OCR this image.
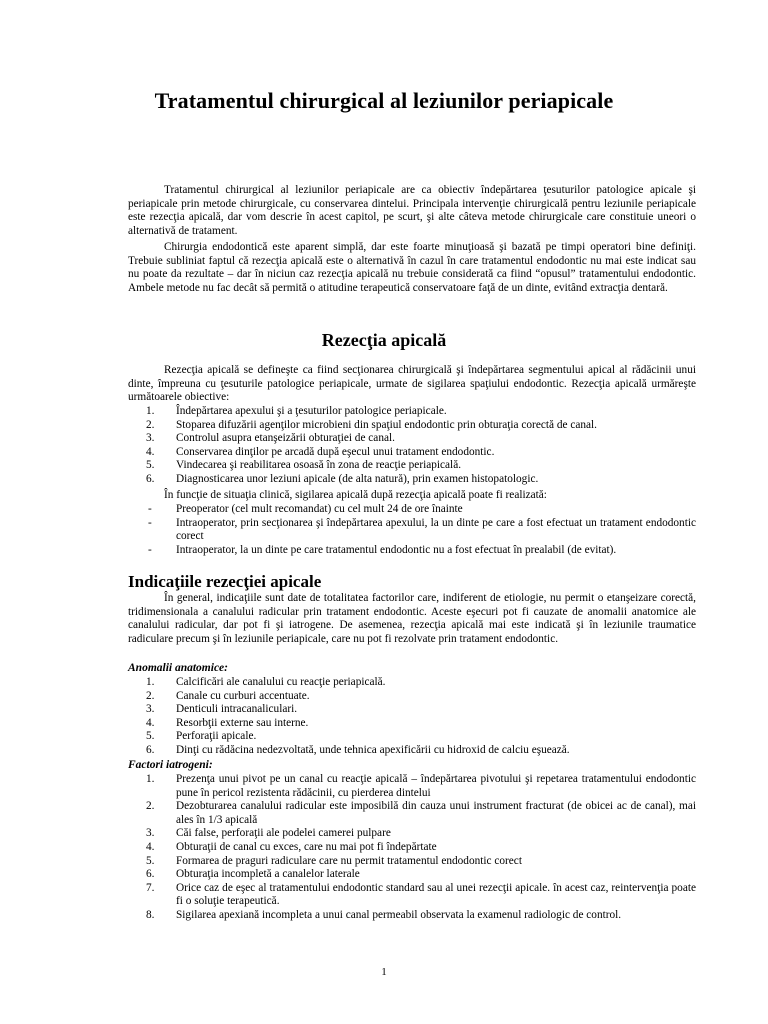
Tratamentul chirurgical al leziunilor periapicale

Tratamentul chirurgical al leziunilor periapicale are ca obiectiv îndepărtarea ţesuturilor patologice apicale şi periapicale prin metode chirurgicale, cu conservarea dintelui. Principala intervenţie chirurgicală pentru leziunile periapicale este rezecţia apicală, dar vom descrie în acest capitol, pe scurt, şi alte câteva metode chirurgicale care constituie uneori o alternativă de tratament.

Chirurgia endodontică este aparent simplă, dar este foarte minuţioasă şi bazată pe timpi operatori bine definiţi. Trebuie subliniat faptul că rezecţia apicală este o alternativă în cazul în care tratamentul endodontic nu mai este indicat sau nu poate da rezultate – dar în niciun caz rezecţia apicală nu trebuie considerată ca fiind “opusul” tratamentului endodontic. Ambele metode nu fac decât să permită o atitudine terapeutică conservatoare faţă de un dinte, evitând extracţia dentară.

Rezecţia apicală

Rezecţia apicală se defineşte ca fiind secţionarea chirurgicală şi îndepărtarea segmentului apical al rădăcinii unui dinte, împreuna cu ţesuturile patologice periapicale, urmate de sigilarea spaţiului endodontic. Rezecţia apicală urmăreşte următoarele obiective:

1. Îndepărtarea apexului şi a ţesuturilor patologice periapicale.
2. Stoparea difuzării agenţilor microbieni din spaţiul endodontic prin obturaţia corectă de canal.
3. Controlul asupra etanşeizării obturaţiei de canal.
4. Conservarea dinţilor pe arcadă după eşecul unui tratament endodontic.
5. Vindecarea şi reabilitarea osoasă în zona de reacţie periapicală.
6. Diagnosticarea unor leziuni apicale (de alta natură), prin examen histopatologic.
În funcţie de situaţia clinică, sigilarea apicală după rezecţia apicală poate fi realizată:
- Preoperator (cel mult recomandat) cu cel mult 24 de ore înainte
- Intraoperator, prin secţionarea şi îndepărtarea apexului, la un dinte pe care a fost efectuat un tratament endodontic corect
- Intraoperator, la un dinte pe care tratamentul endodontic nu a fost efectuat în prealabil (de evitat).
Indicaţiile rezecţiei apicale

În general, indicaţiile sunt date de totalitatea factorilor care, indiferent de etiologie, nu permit o etanşeizare corectă, tridimensionala a canalului radicular prin tratament endodontic. Aceste eşecuri pot fi cauzate de anomalii anatomice ale canalului radicular, dar pot fi şi iatrogene. De asemenea, rezecţia apicală mai este indicată şi în leziunile traumatice radiculare precum şi în leziunile periapicale, care nu pot fi rezolvate prin tratament endodontic.

Anomalii anatomice:
1. Calcificări ale canalului cu reacţie periapicală.
2. Canale cu curburi accentuate.
3. Denticuli intracanaliculari.
4. Resorbţii externe sau interne.
5. Perforaţii apicale.
6. Dinţi cu rădăcina nedezvoltată, unde tehnica apexificării cu hidroxid de calciu eşuează.
Factori iatrogeni:
1. Prezenţa unui pivot pe un canal cu reacţie apicală – îndepărtarea pivotului şi repetarea tratamentului endodontic pune în pericol rezistenta rădăcinii, cu pierderea dintelui
2. Dezobturarea canalului radicular este imposibilă din cauza unui instrument fracturat (de obicei ac de canal), mai ales în 1/3 apicală
3. Căi false, perforaţii ale podelei camerei pulpare
4. Obturaţii de canal cu exces, care nu mai pot fi îndepărtate
5. Formarea de praguri radiculare care nu permit tratamentul endodontic corect
6. Obturaţia incompletă a canalelor laterale
7. Orice caz de eşec al tratamentului endodontic standard sau al unei rezecţii apicale. în acest caz, reintervenţia poate fi o soluţie terapeutică.
8. Sigilarea apexiană incompleta a unui canal permeabil observata la examenul radiologic de control.
1
